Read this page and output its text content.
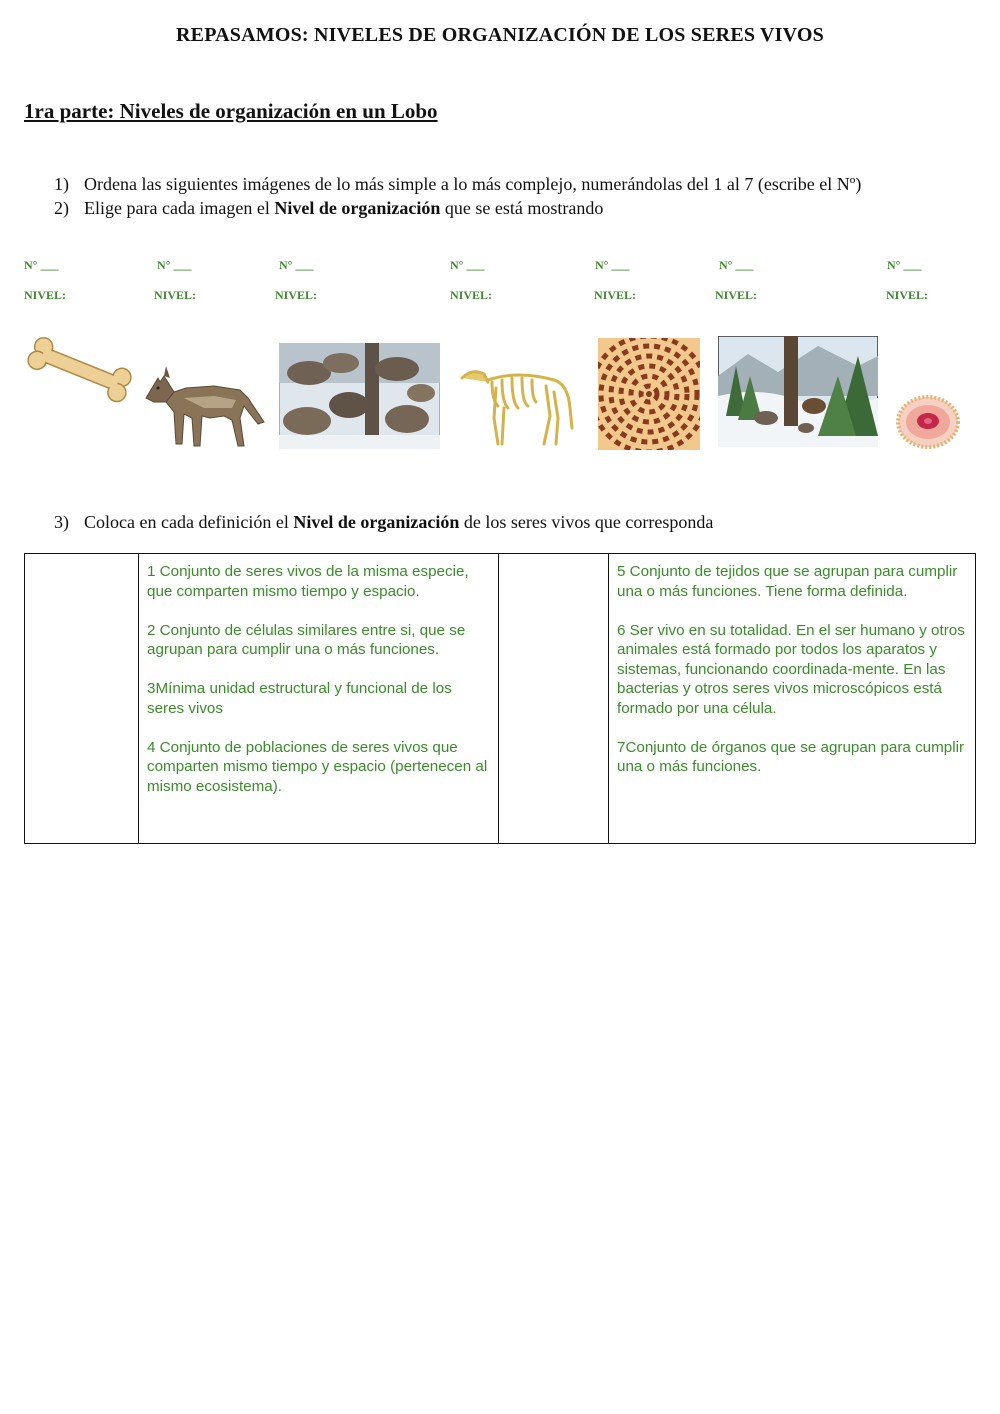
REPASAMOS: NIVELES DE ORGANIZACIÓN DE LOS SERES VIVOS
1ra parte: Niveles de organización en un Lobo
1) Ordena las siguientes imágenes de lo más simple a lo más complejo, numerándolas del 1 al 7 (escribe el Nº)
2) Elige para cada imagen el Nivel de organización que se está mostrando
N° ___	N° ___	N° ___	N° ___	N° ___	N° ___	N° ___
NIVEL:	NIVEL:	NIVEL:	NIVEL:	NIVEL:	NIVEL:	NIVEL:
3) Coloca en cada definición el Nivel de organización de los seres vivos que corresponda

1 Conjunto de seres vivos de la misma especie, que comparten mismo tiempo y espacio.

2 Conjunto de células similares entre si, que se agrupan para cumplir una o más funciones.

3Mínima unidad estructural y funcional de los seres vivos

4 Conjunto de poblaciones de seres vivos que comparten mismo tiempo y espacio (pertenecen al mismo ecosistema).

5 Conjunto de tejidos que se agrupan para cumplir una o más funciones. Tiene forma definida.

6 Ser vivo en su totalidad. En el ser humano y otros animales está formado por todos los aparatos y sistemas, funcionando coordinada-mente. En las bacterias y otros seres vivos microscópicos está formado por una célula.

7Conjunto de órganos que se agrupan para cumplir una o más funciones.
